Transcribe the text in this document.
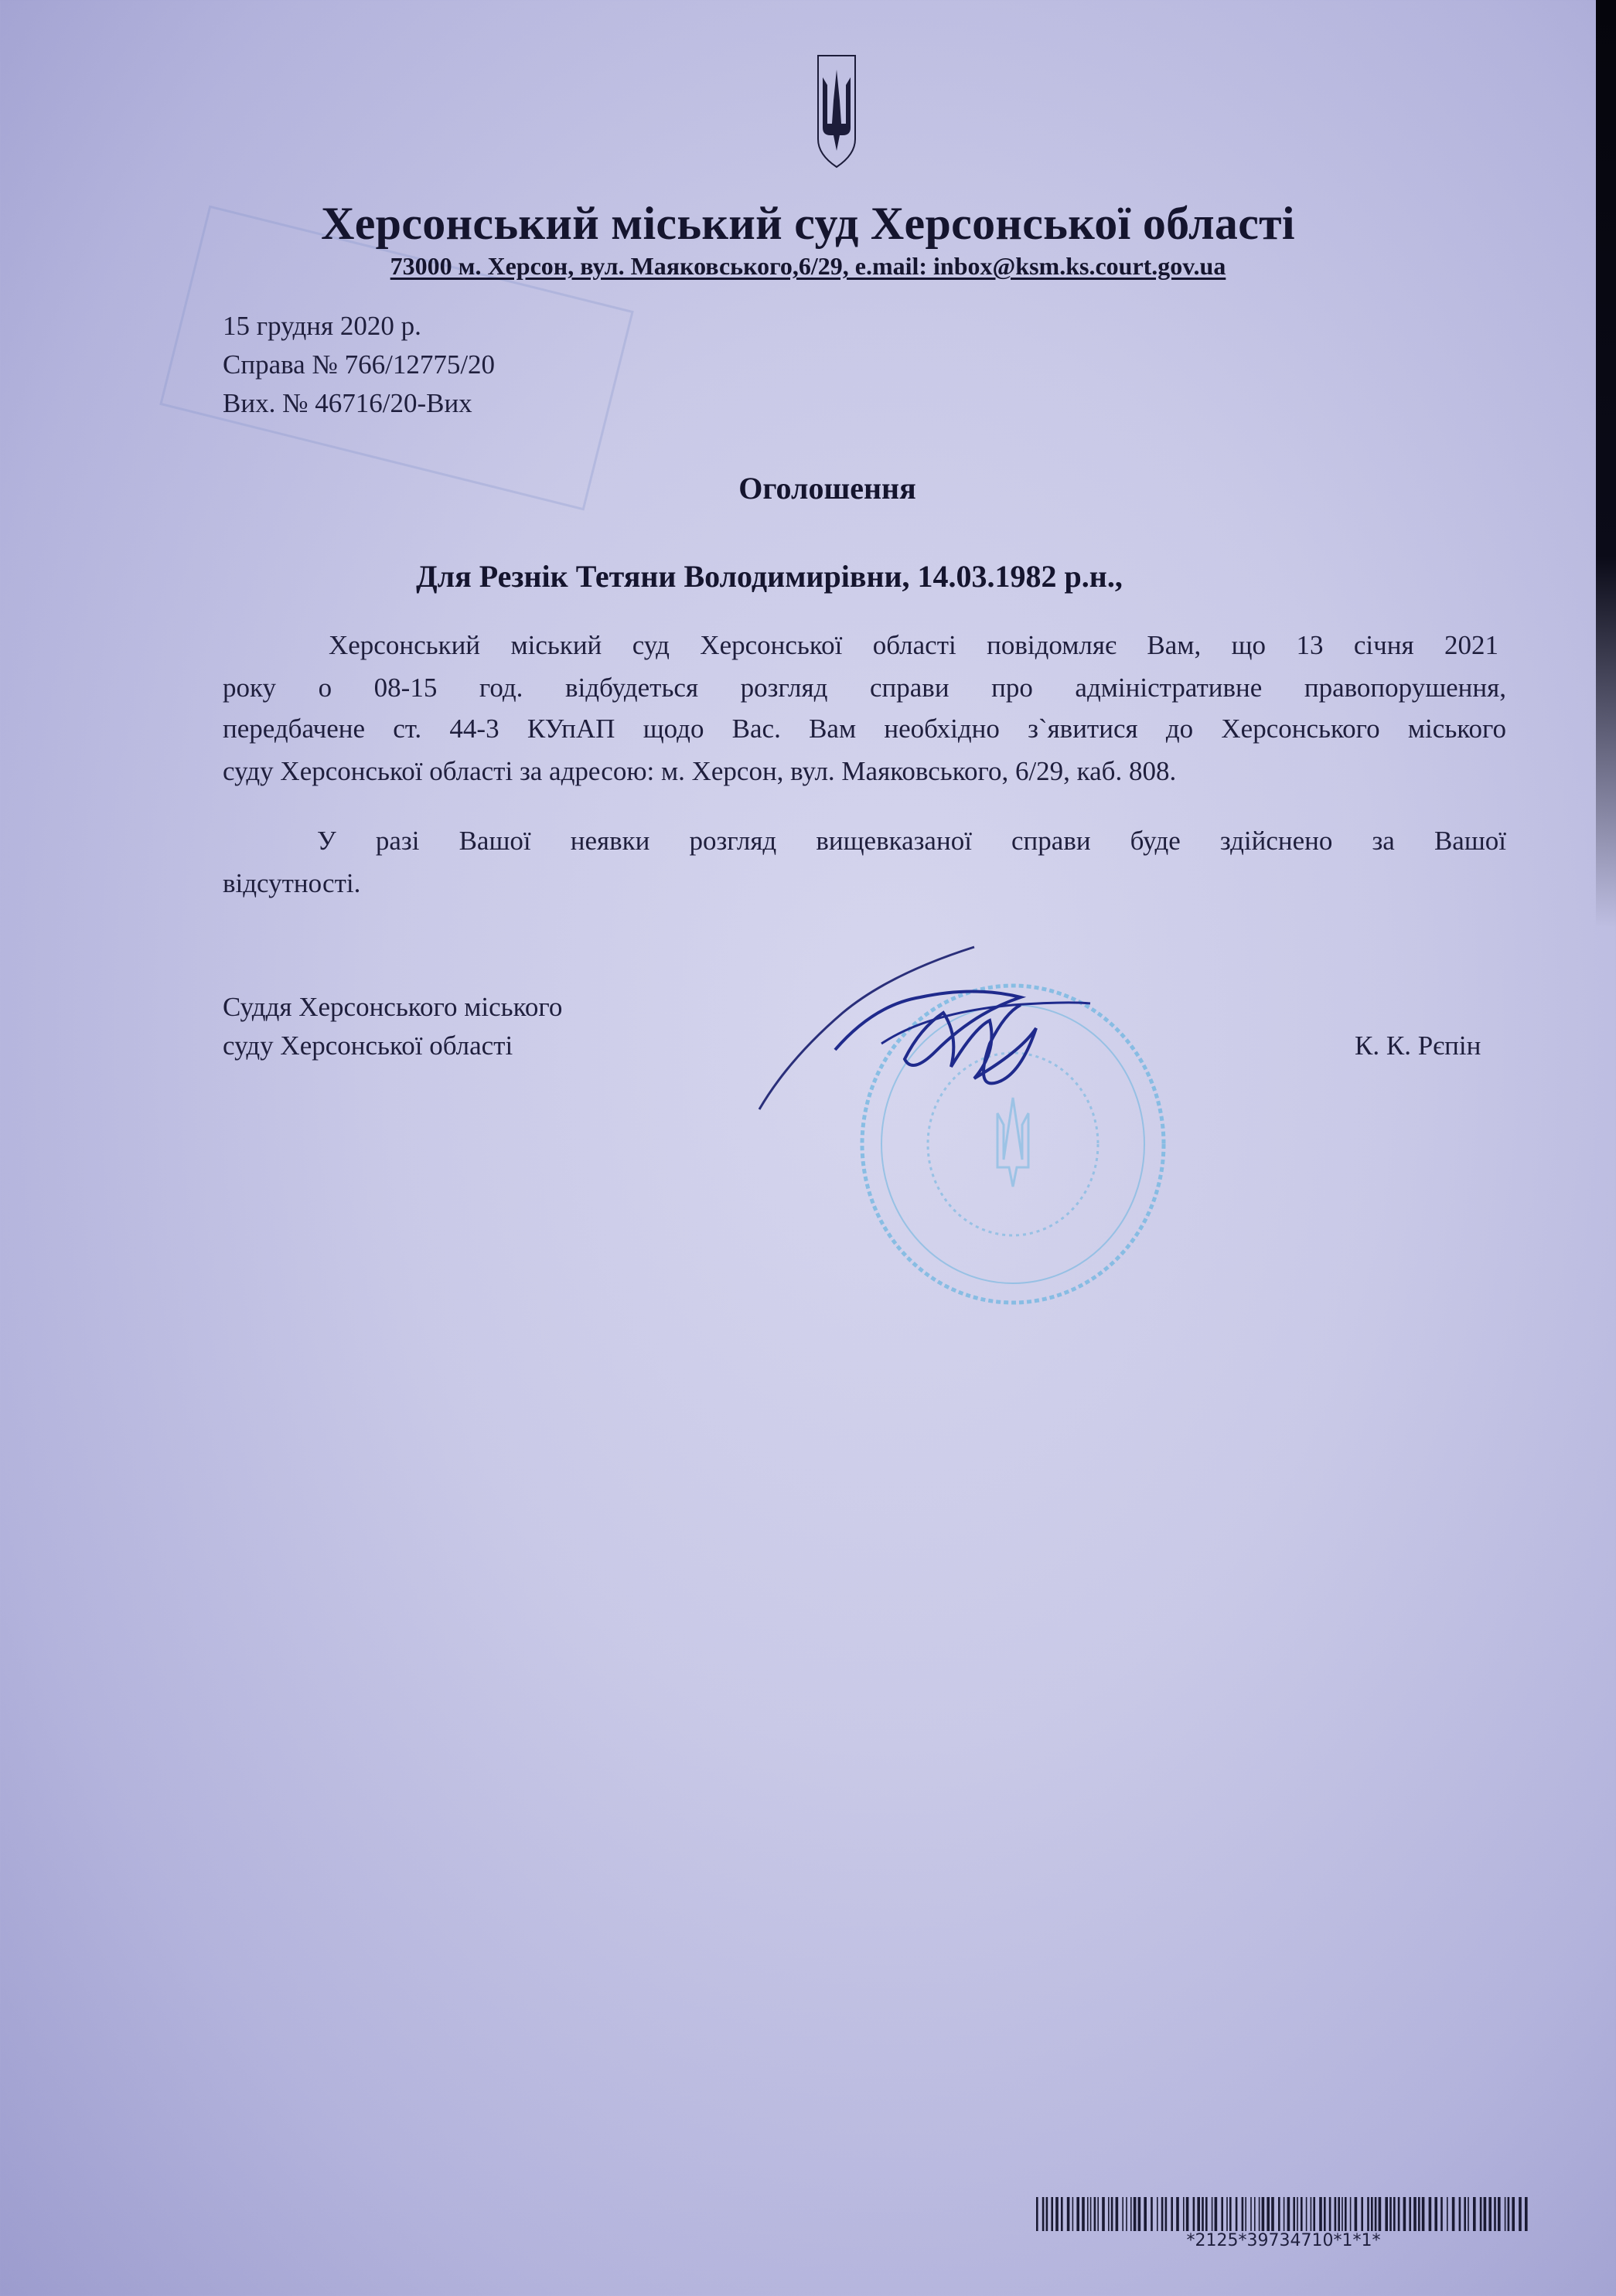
Херсонський міський суд Херсонської області
73000 м. Херсон, вул. Маяковського,6/29, e.mail: inbox@ksm.ks.court.gov.ua
15 грудня 2020 р.
Справа № 766/12775/20
Вих. № 46716/20-Вих
Оголошення
Для Резнік Тетяни Володимирівни, 14.03.1982 р.н.,
Херсонський міський суд Херсонської області повідомляє Вам, що 13 січня 2021
року о 08-15 год. відбудеться розгляд справи про адміністративне правопорушення,
передбачене ст. 44-3 КУпАП щодо Вас. Вам необхідно з`явитися до Херсонського міського
суду Херсонської області за адресою: м. Херсон, вул. Маяковського, 6/29, каб. 808.
У разі Вашої неявки розгляд вищевказаної справи буде здійснено за Вашої
відсутності.
Суддя Херсонського міського
суду Херсонської області	К. К. Рєпін
*2125*39734710*1*1*
